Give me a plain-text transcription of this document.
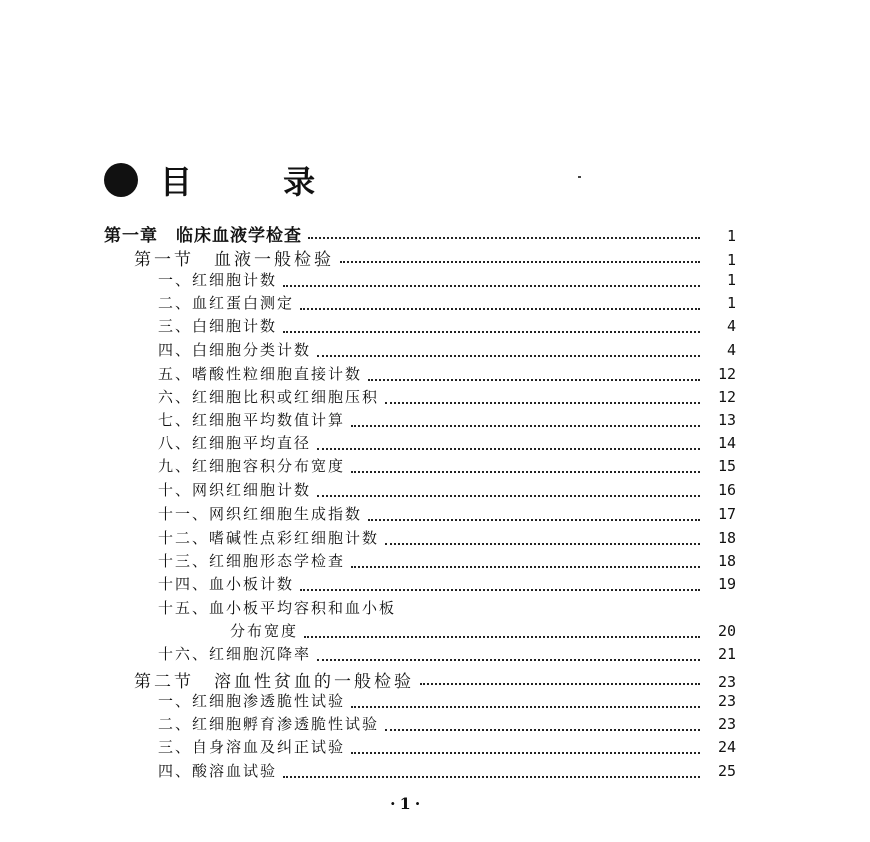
目 录
第一章　临床血液学检查	1
第一节　血液一般检验	1
一、红细胞计数	1
二、血红蛋白测定	1
三、白细胞计数	4
四、白细胞分类计数	4
五、嗜酸性粒细胞直接计数	12
六、红细胞比积或红细胞压积	12
七、红细胞平均数值计算	13
八、红细胞平均直径	14
九、红细胞容积分布宽度	15
十、网织红细胞计数	16
十一、网织红细胞生成指数	17
十二、嗜碱性点彩红细胞计数	18
十三、红细胞形态学检查	18
十四、血小板计数	19
十五、血小板平均容积和血小板
分布宽度	20
十六、红细胞沉降率	21
第二节　溶血性贫血的一般检验	23
一、红细胞渗透脆性试验	23
二、红细胞孵育渗透脆性试验	23
三、自身溶血及纠正试验	24
四、酸溶血试验	25
·1·
